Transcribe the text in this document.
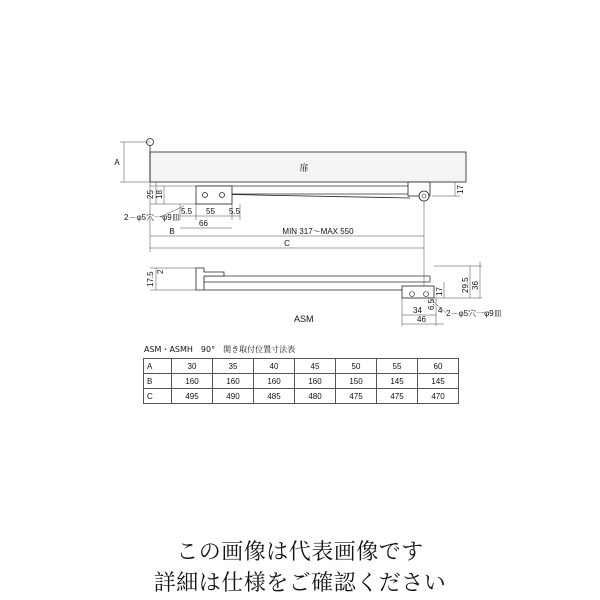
扉
A
25 18
17
5.5 55 5.5
66
2－φ5穴一φ9皿
B	MIN 317～MAX 550
C
17.5 2
29.5 36
17
6.5
34 4
46
2－φ5穴一φ9皿
ASM
ASM・ASMH　90°　開き取付位置寸法表
A	30	35	40	45	50	55	60
B	160	160	160	160	150	145	145
C	495	490	485	480	475	475	470
この画像は代表画像です
詳細は仕様をご確認ください
